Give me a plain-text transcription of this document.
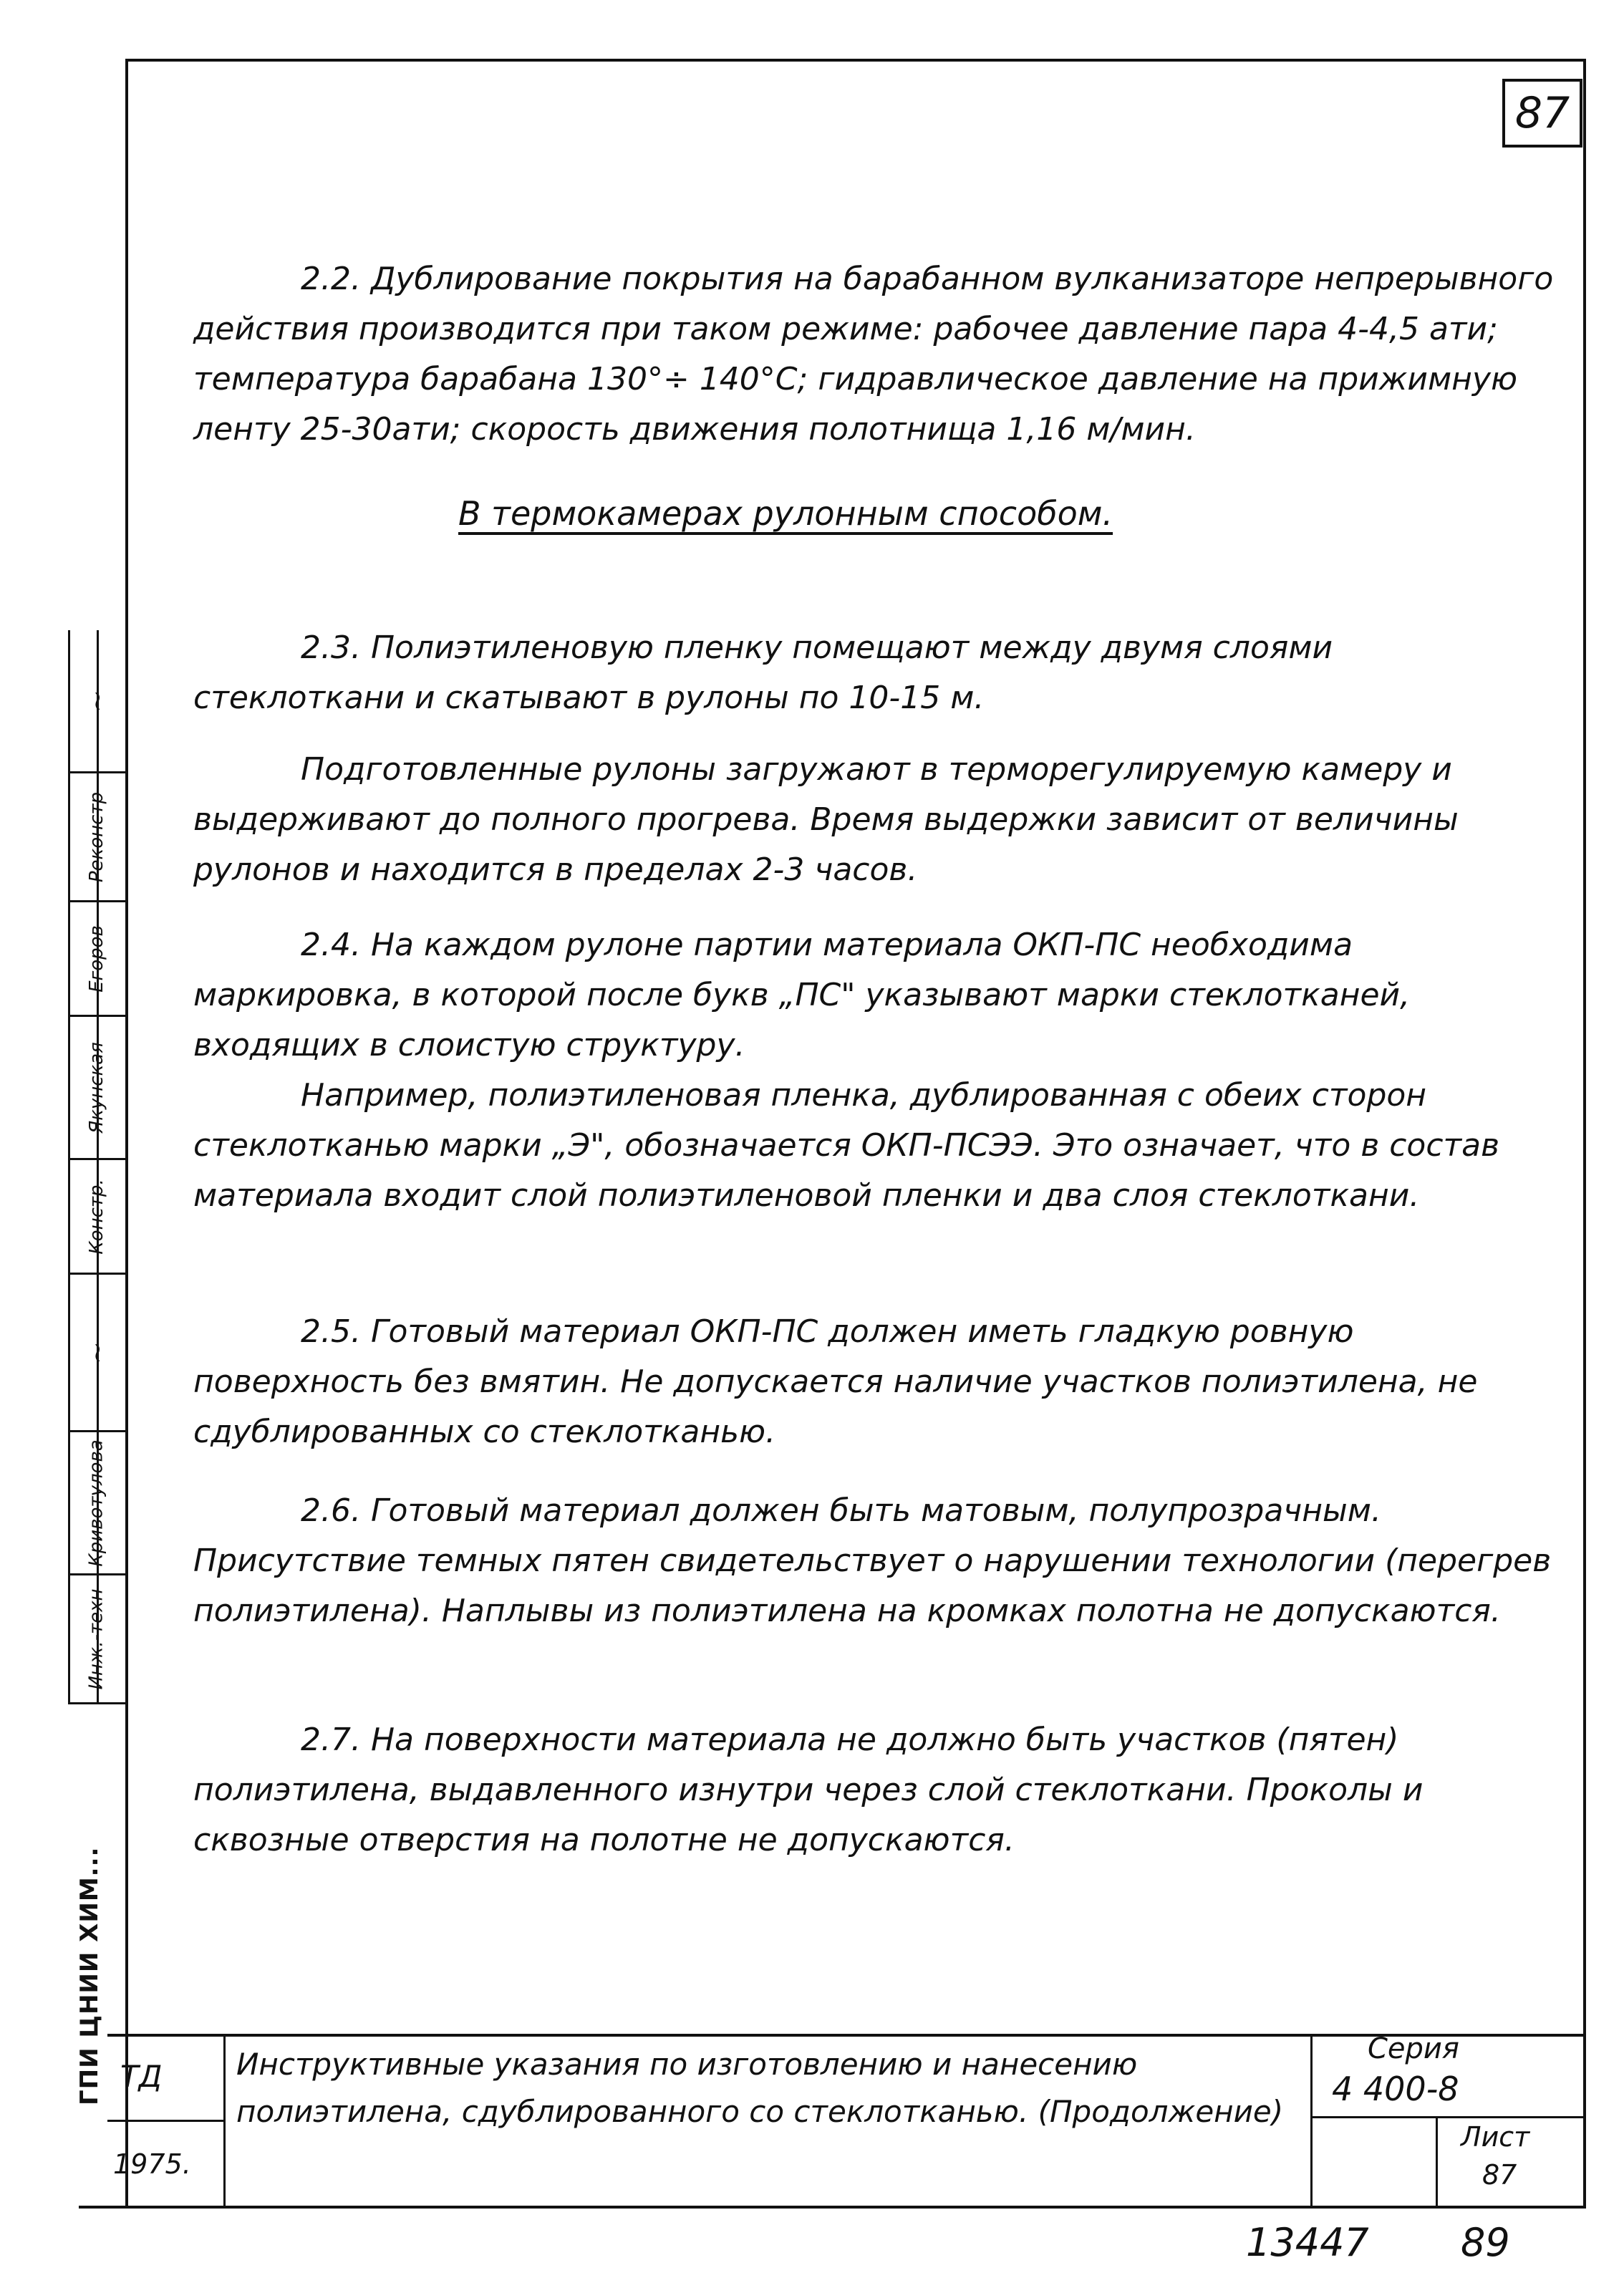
87

2.2. Дублирование покрытия на барабанном вулканизаторе непрерывного действия производится при таком режиме: рабочее давление пара 4-4,5 ати; температура барабана 130°÷ 140°С; гидравлическое давление на прижимную ленту 25-30ати; скорость движения полотнища 1,16 м/мин.

В термокамерах рулонным способом.

2.3. Полиэтиленовую пленку помещают между двумя слоями стеклоткани и скатывают в рулоны по 10-15 м.

Подготовленные рулоны загружают в терморегулируемую камеру и выдерживают до полного прогрева. Время выдержки зависит от величины рулонов и находится в пределах 2-3 часов.

2.4. На каждом рулоне партии материала ОКП-ПС необходима маркировка, в которой после букв „ПС" указывают марки стеклотканей, входящих в слоистую структуру.

Например, полиэтиленовая пленка, дублированная с обеих сторон стеклотканью марки „Э", обозначается ОКП-ПСЭЭ. Это означает, что в состав материала входит слой полиэтиленовой пленки и два слоя стеклоткани.

2.5. Готовый материал ОКП-ПС должен иметь гладкую ровную поверхность без вмятин. Не допускается наличие участков полиэтилена, не сдублированных со стеклотканью.

2.6. Готовый материал должен быть матовым, полупрозрачным. Присутствие темных пятен свидетельствует о нарушении технологии (перегрев полиэтилена). Наплывы из полиэтилена на кромках полотна не допускаются.

2.7. На поверхности материала не должно быть участков (пятен) полиэтилена, выдавленного изнутри через слой стеклоткани. Проколы и сквозные отверстия на полотне не допускаются.

~
Реконстр
Егоров
Якунская
Констр.
~
Кривотулова
Инж.-техн
ГПИ ЦНИИ ХИМ... ТД
1975.
Инструктивные указания по изготовлению и нанесению полиэтилена, сдублированного со стеклотканью. (Продолжение)
Серия
4 400-8
Лист
87
13447 89
